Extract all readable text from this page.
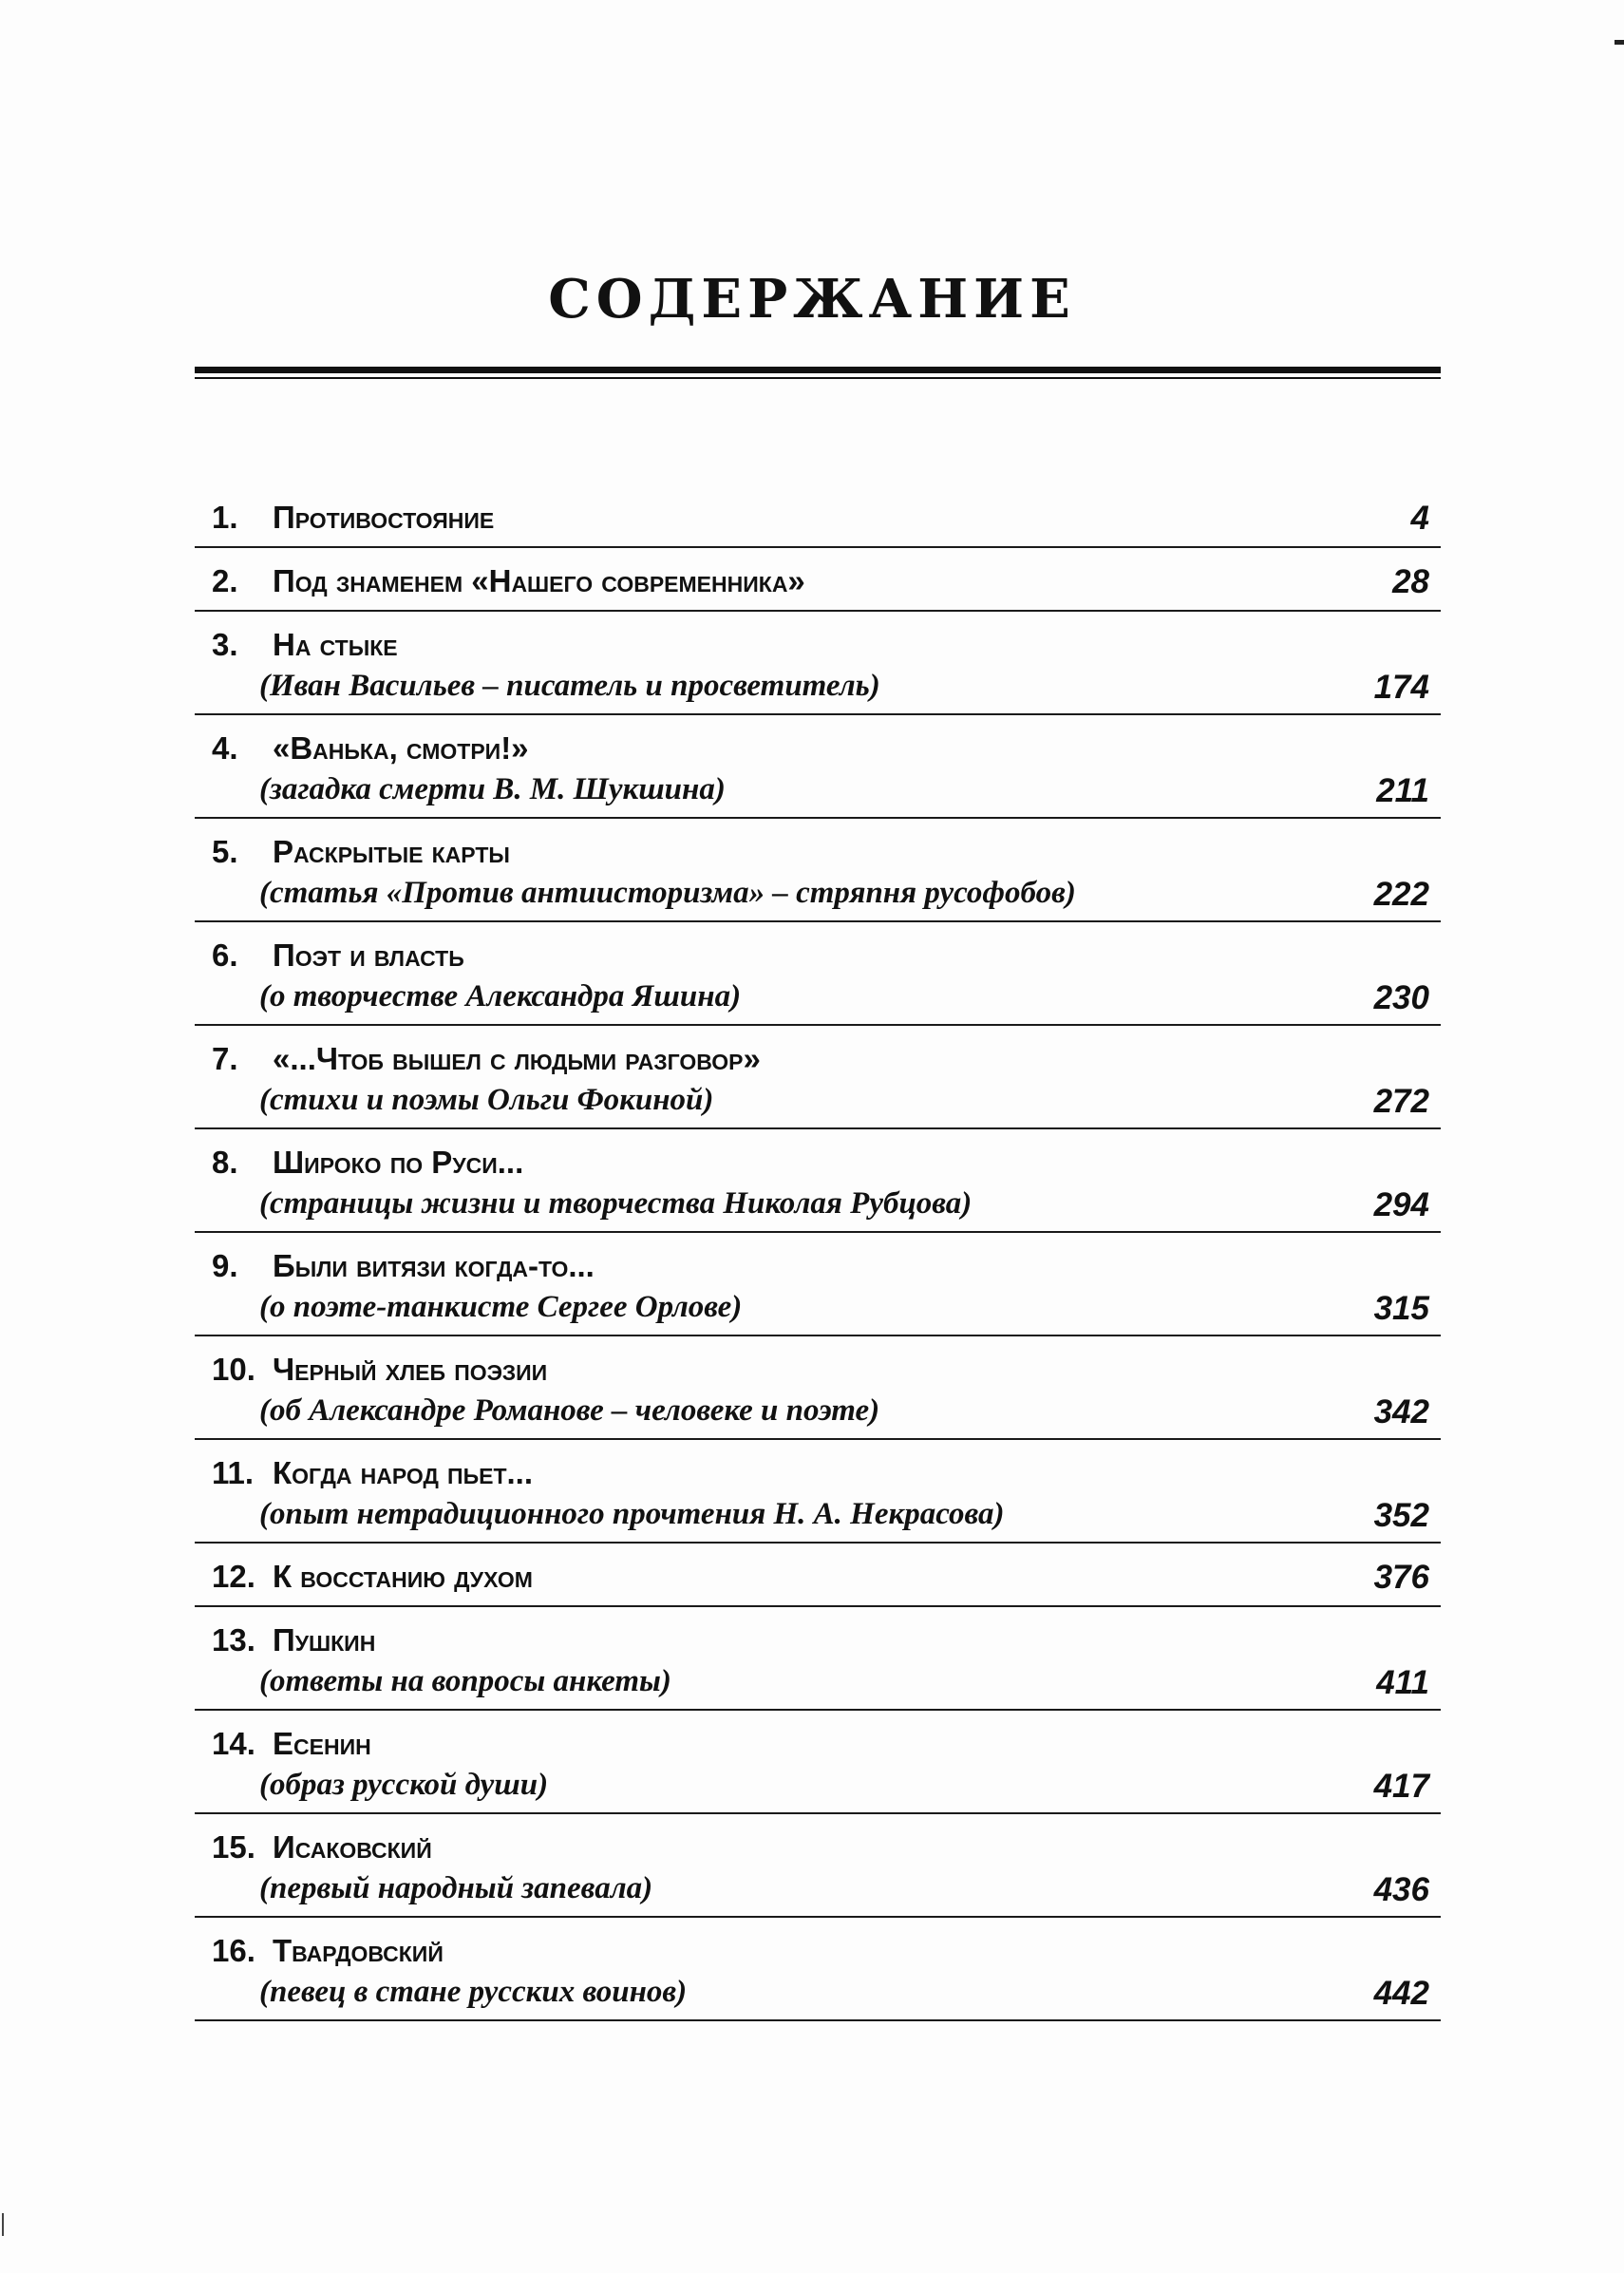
СОДЕРЖАНИЕ
1. Противостояние	4
2. Под знаменем «Нашего современника»	28
3. На стыке
(Иван Васильев – писатель и просветитель)	174
4. «Ванька, смотри!»
(загадка смерти В. М. Шукшина)	211
5. Раскрытые карты
(статья «Против антиисторизма» – стряпня русофобов)	222
6. Поэт и власть
(о творчестве Александра Яшина)	230
7. «...Чтоб вышел с людьми разговор»
(стихи и поэмы Ольги Фокиной)	272
8. Широко по Руси...
(страницы жизни и творчества Николая Рубцова)	294
9. Были витязи когда-то...
(о поэте-танкисте Сергее Орлове)	315
10. Черный хлеб поэзии
(об Александре Романове – человеке и поэте)	342
11. Когда народ пьет...
(опыт нетрадиционного прочтения Н. А. Некрасова)	352
12. К восстанию духом	376
13. Пушкин
(ответы на вопросы анкеты)	411
14. Есенин
(образ русской души)	417
15. Исаковский
(первый народный запевала)	436
16. Твардовский
(певец в стане русских воинов)	442
